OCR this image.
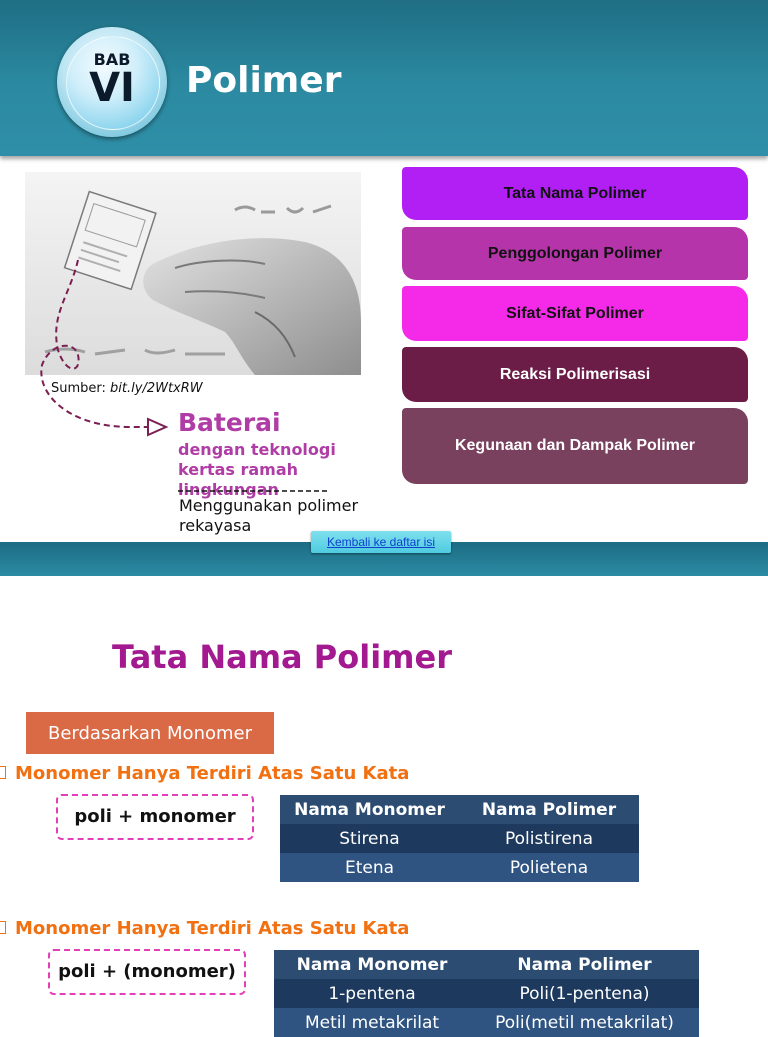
BAB
VI	Polimer
Sumber: bit.ly/2WtxRW
Baterai
dengan teknologi kertas ramah lingkungan
Menggunakan polimer rekayasa
Tata Nama Polimer
Penggolongan Polimer
Sifat-Sifat Polimer
Reaksi Polimerisasi
Kegunaan dan Dampak Polimer
Kembali ke daftar isi
Tata Nama Polimer
Berdasarkan Monomer
Monomer Hanya Terdiri Atas Satu Kata
poli + monomer	Nama Monomer	Nama Polimer
Stirena	Polistirena
Etena	Polietena
Monomer Hanya Terdiri Atas Satu Kata
poli + (monomer)	Nama Monomer	Nama Polimer
1-pentena	Poli(1-pentena)
Metil metakrilat	Poli(metil metakrilat)
